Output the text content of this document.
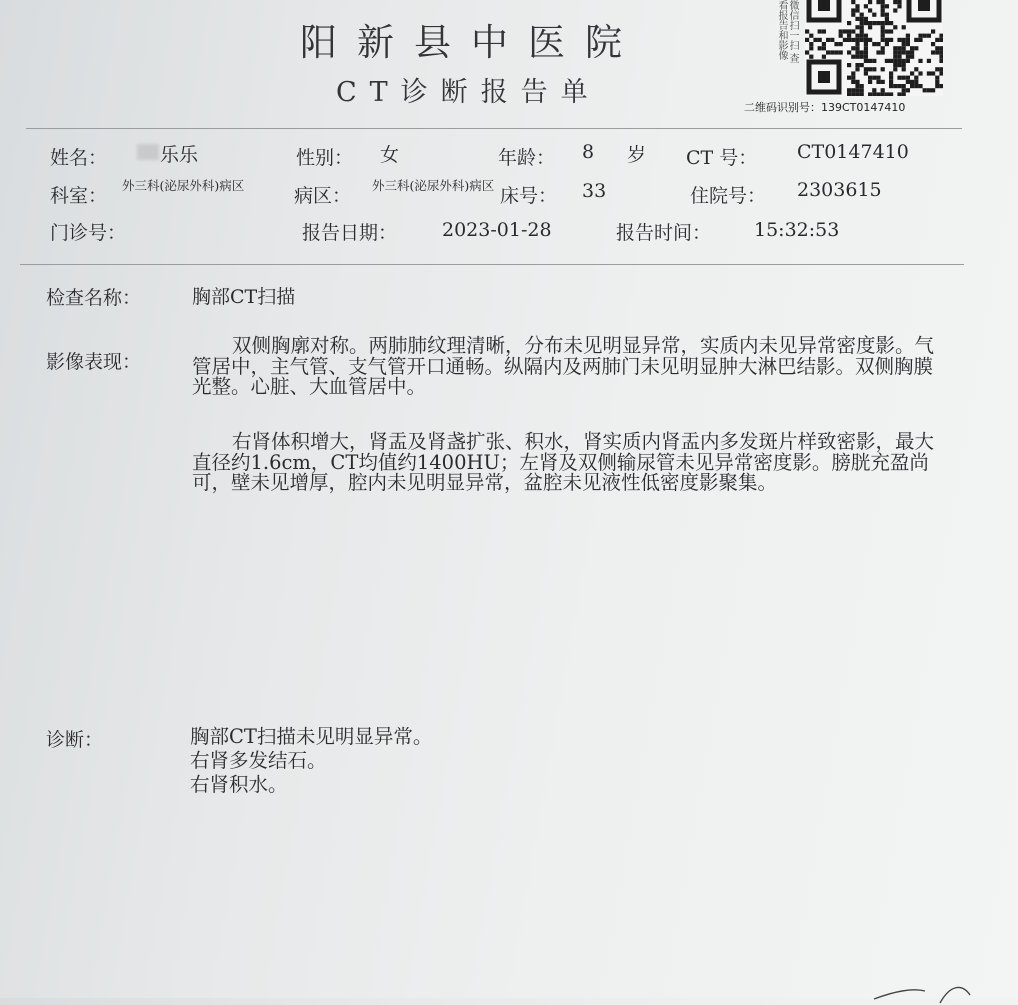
阳新县中医院
CT诊断报告单
微信扫一扫 查看报告和影像
二维码识别号：139CT0147410
姓名：	乐乐	性别： 女	年龄： 8 岁 CT 号： CT0147410
科室： 外三科(泌尿外科)病区	病区： 外三科(泌尿外科)病区 床号： 33	住院号： 2303615
门诊号：	报告日期： 2023-01-28	报告时间： 15:32:53
检查名称：	胸部CT扫描
影像表现：
双侧胸廓对称。两肺肺纹理清晰，分布未见明显异常，实质内未见异常密度影。气管居中，主气管、支气管开口通畅。纵隔内及两肺门未见明显肿大淋巴结影。双侧胸膜光整。心脏、大血管居中。
右肾体积增大，肾盂及肾盏扩张、积水，肾实质内肾盂内多发斑片样致密影，最大直径约1.6cm，CT均值约1400HU；左肾及双侧输尿管未见异常密度影。膀胱充盈尚可，壁未见增厚，腔内未见明显异常，盆腔未见液性低密度影聚集。
诊断：	胸部CT扫描未见明显异常。
右肾多发结石。
右肾积水。
